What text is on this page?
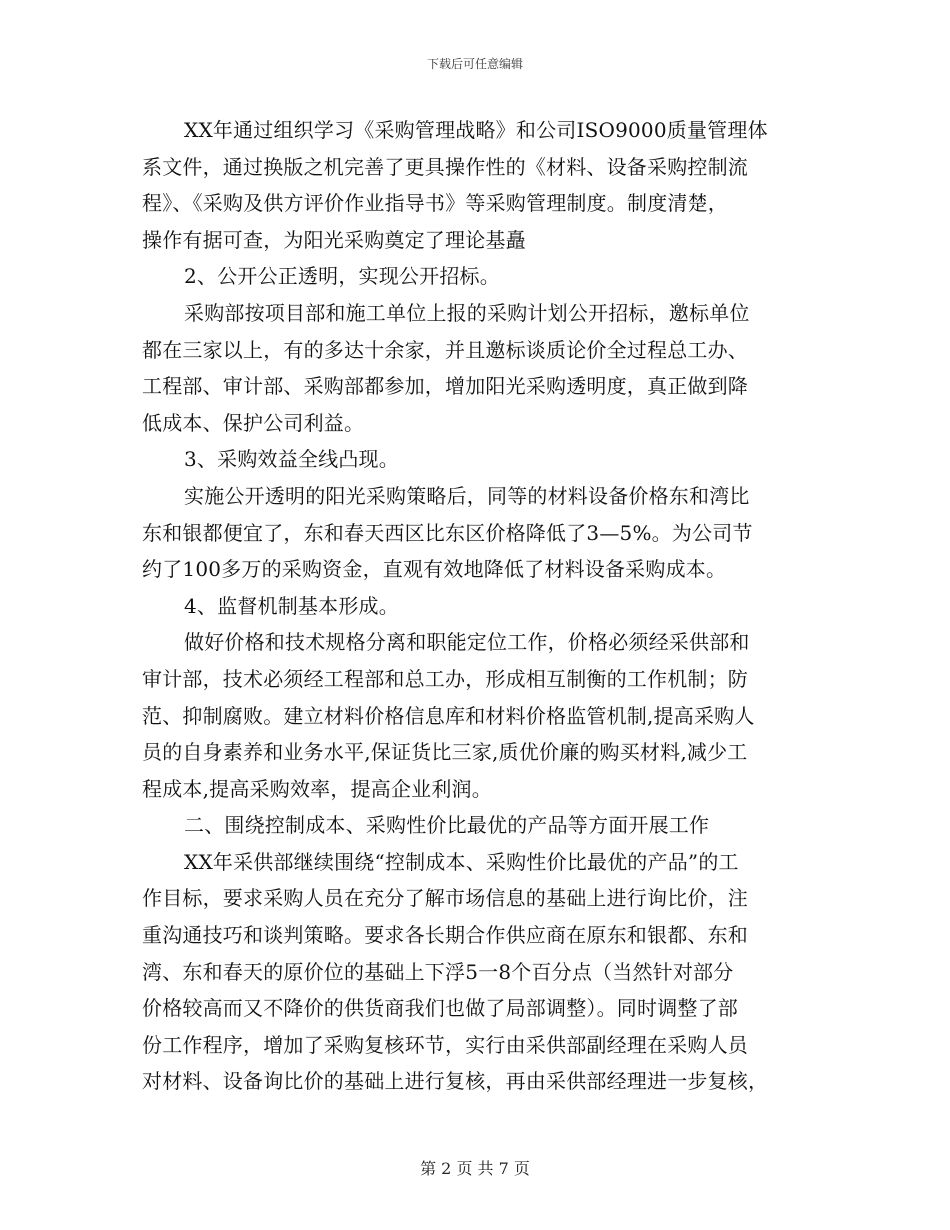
下载后可任意编辑
XX年通过组织学习《采购管理战略》和公司ISO9000质量管理体
系文件，通过换版之机完善了更具操作性的《材料、设备采购控制流
程》、《采购及供方评价作业指导书》等采购管理制度。制度清楚，
操作有据可查，为阳光采购奠定了理论基矗
2、公开公正透明，实现公开招标。
采购部按项目部和施工单位上报的采购计划公开招标，邀标单位
都在三家以上，有的多达十余家，并且邀标谈质论价全过程总工办、
工程部、审计部、采购部都参加，增加阳光采购透明度，真正做到降
低成本、保护公司利益。
3、采购效益全线凸现。
实施公开透明的阳光采购策略后，同等的材料设备价格东和湾比
东和银都便宜了，东和春天西区比东区价格降低了3—5%。为公司节
约了100多万的采购资金，直观有效地降低了材料设备采购成本。
4、监督机制基本形成。
做好价格和技术规格分离和职能定位工作，价格必须经采供部和
审计部，技术必须经工程部和总工办，形成相互制衡的工作机制；防
范、抑制腐败。建立材料价格信息库和材料价格监管机制,提高采购人
员的自身素养和业务水平,保证货比三家,质优价廉的购买材料,减少工
程成本,提高采购效率，提高企业利润。
二、围绕控制成本、采购性价比最优的产品等方面开展工作
XX年采供部继续围绕“控制成本、采购性价比最优的产品”的工
作目标，要求采购人员在充分了解市场信息的基础上进行询比价，注
重沟通技巧和谈判策略。要求各长期合作供应商在原东和银都、东和
湾、东和春天的原价位的基础上下浮5一8个百分点（当然针对部分
价格较高而又不降价的供货商我们也做了局部调整）。同时调整了部
份工作程序，增加了采购复核环节，实行由采供部副经理在采购人员
对材料、设备询比价的基础上进行复核，再由采供部经理进一步复核，
第 2 页 共 7 页
